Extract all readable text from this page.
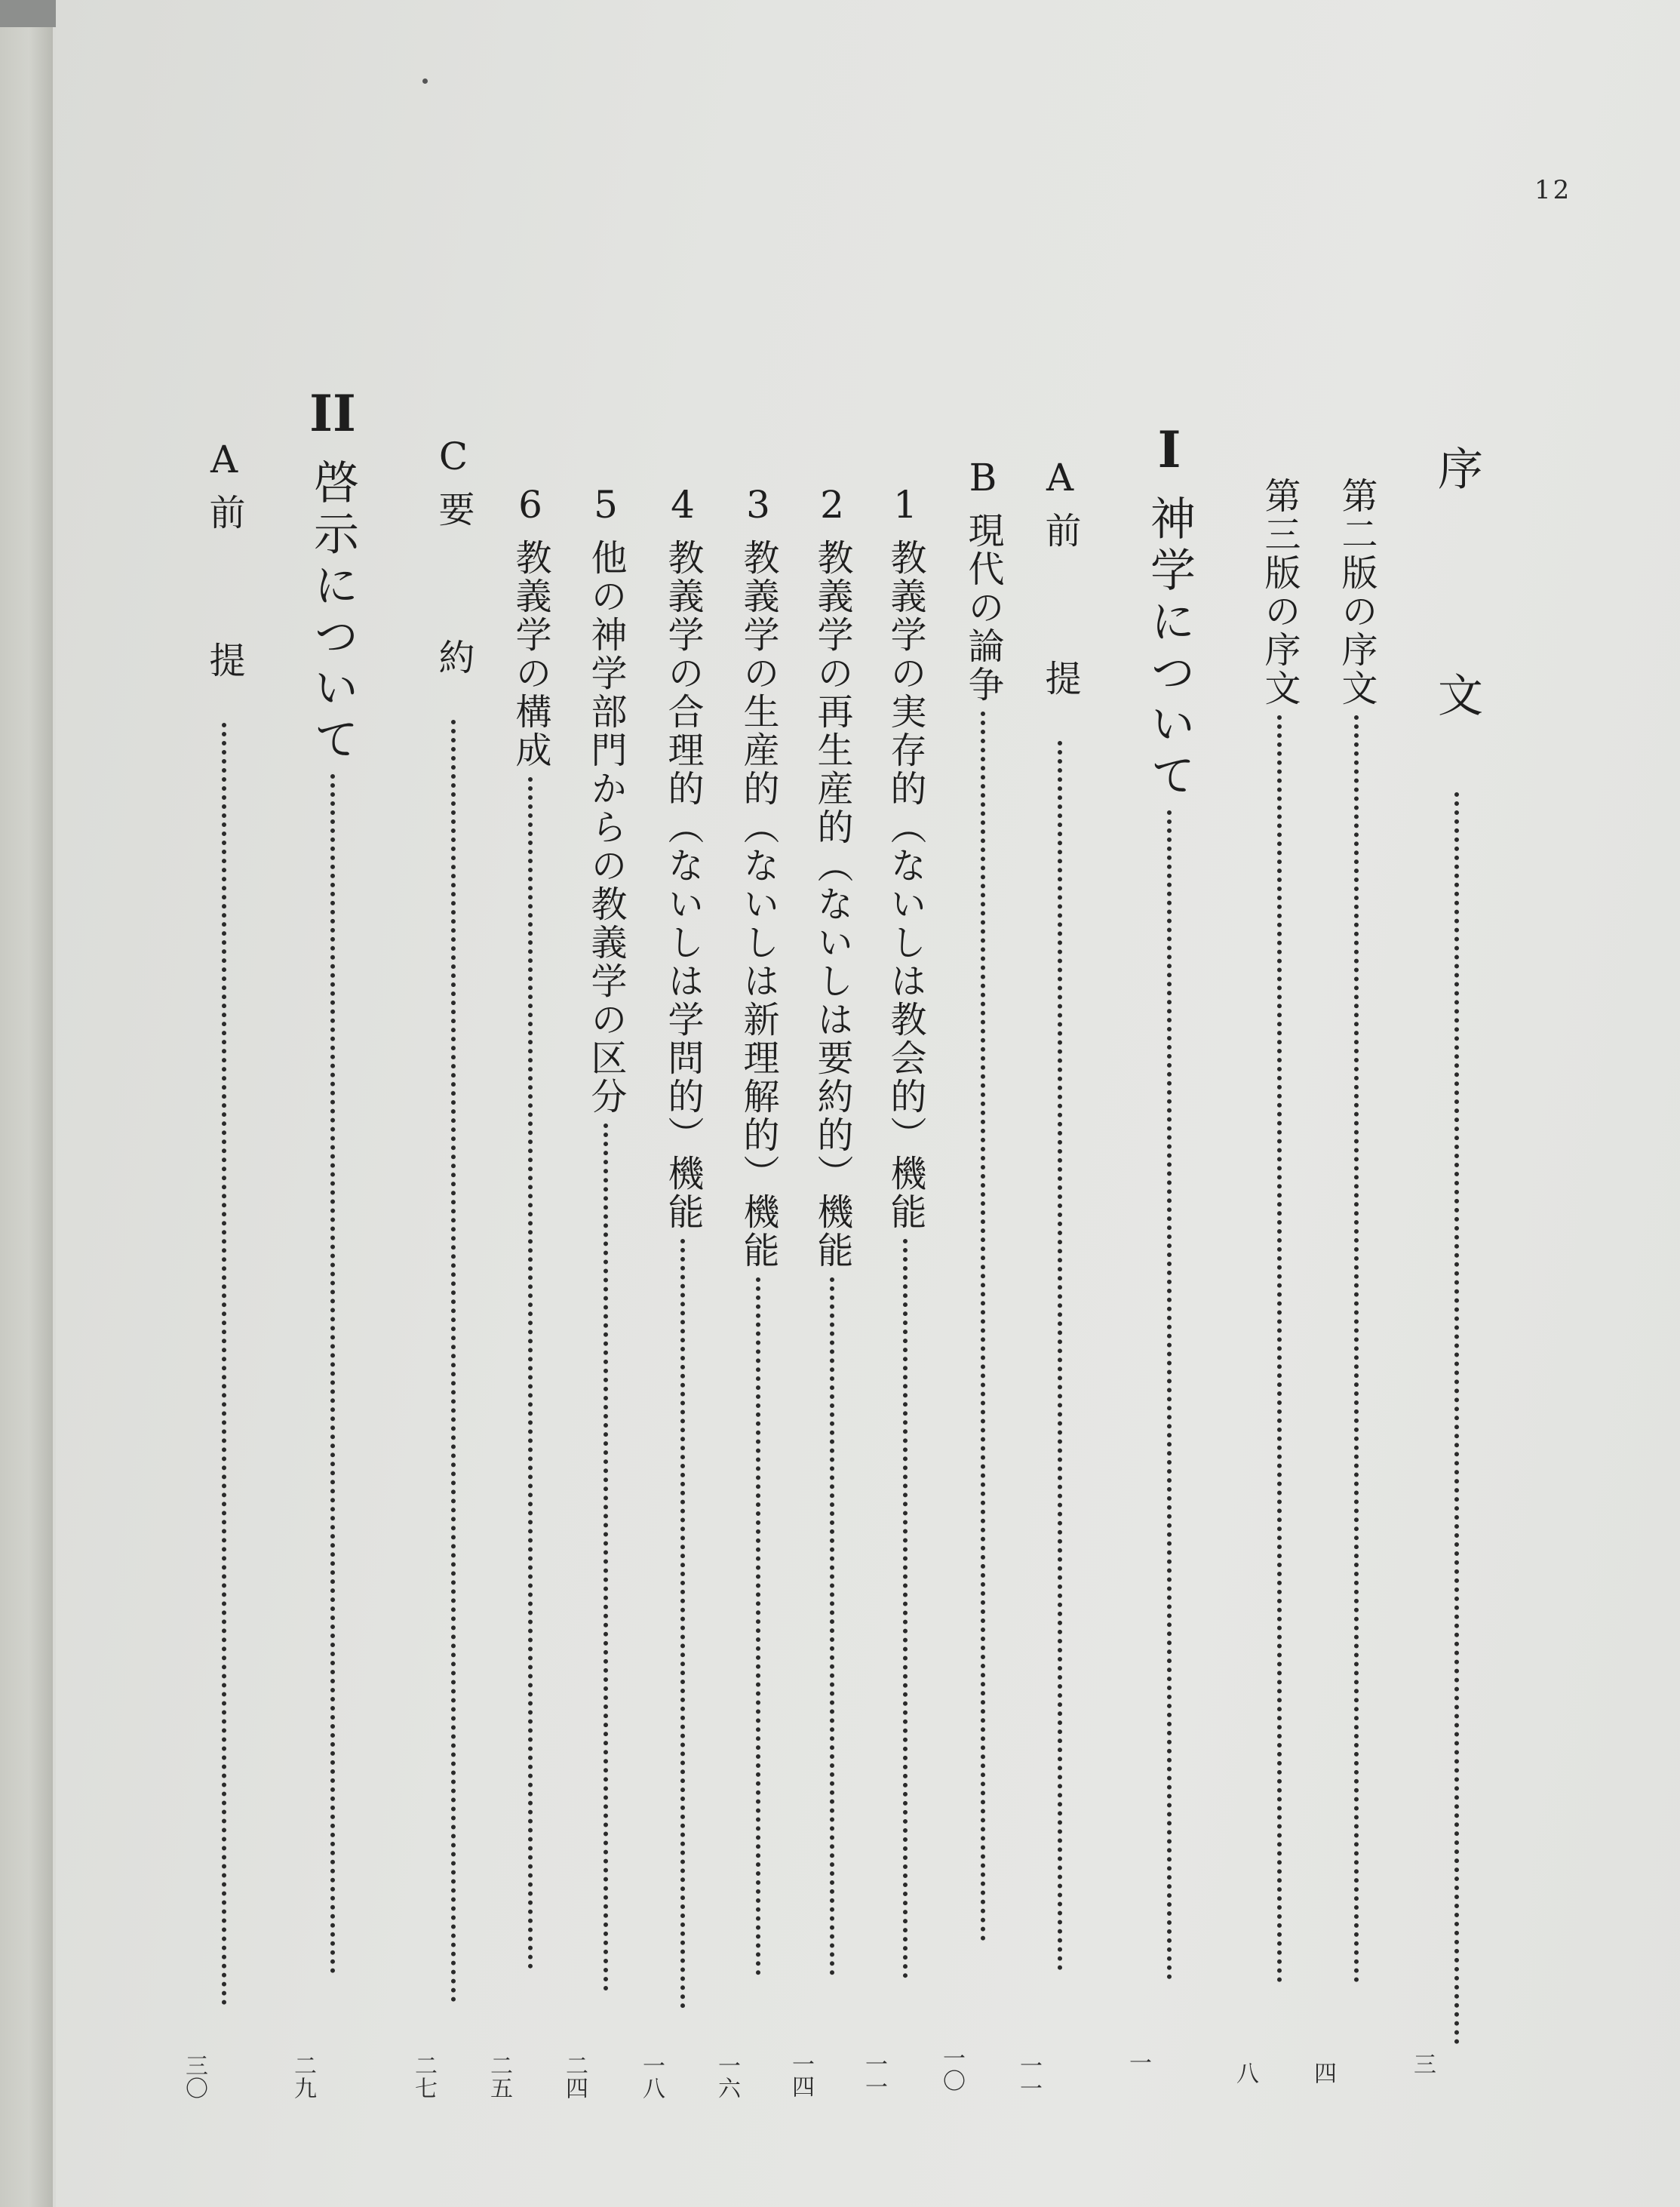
12
序　文
三
第二版の序文
四
第三版の序文
八
I
神学について
一
A
前　提
一一
B
現代の論争
一〇
1
教義学の実存的（ないしは教会的）機能
一一
2
教義学の再生産的（ないしは要約的）機能
一四
3
教義学の生産的（ないしは新理解的）機能
一六
4
教義学の合理的（ないしは学問的）機能
一八
5
他の神学部門からの教義学の区分
二四
6
教義学の構成
二五
C
要　約
二七
II
啓示について
二九
A
前　提
三〇
